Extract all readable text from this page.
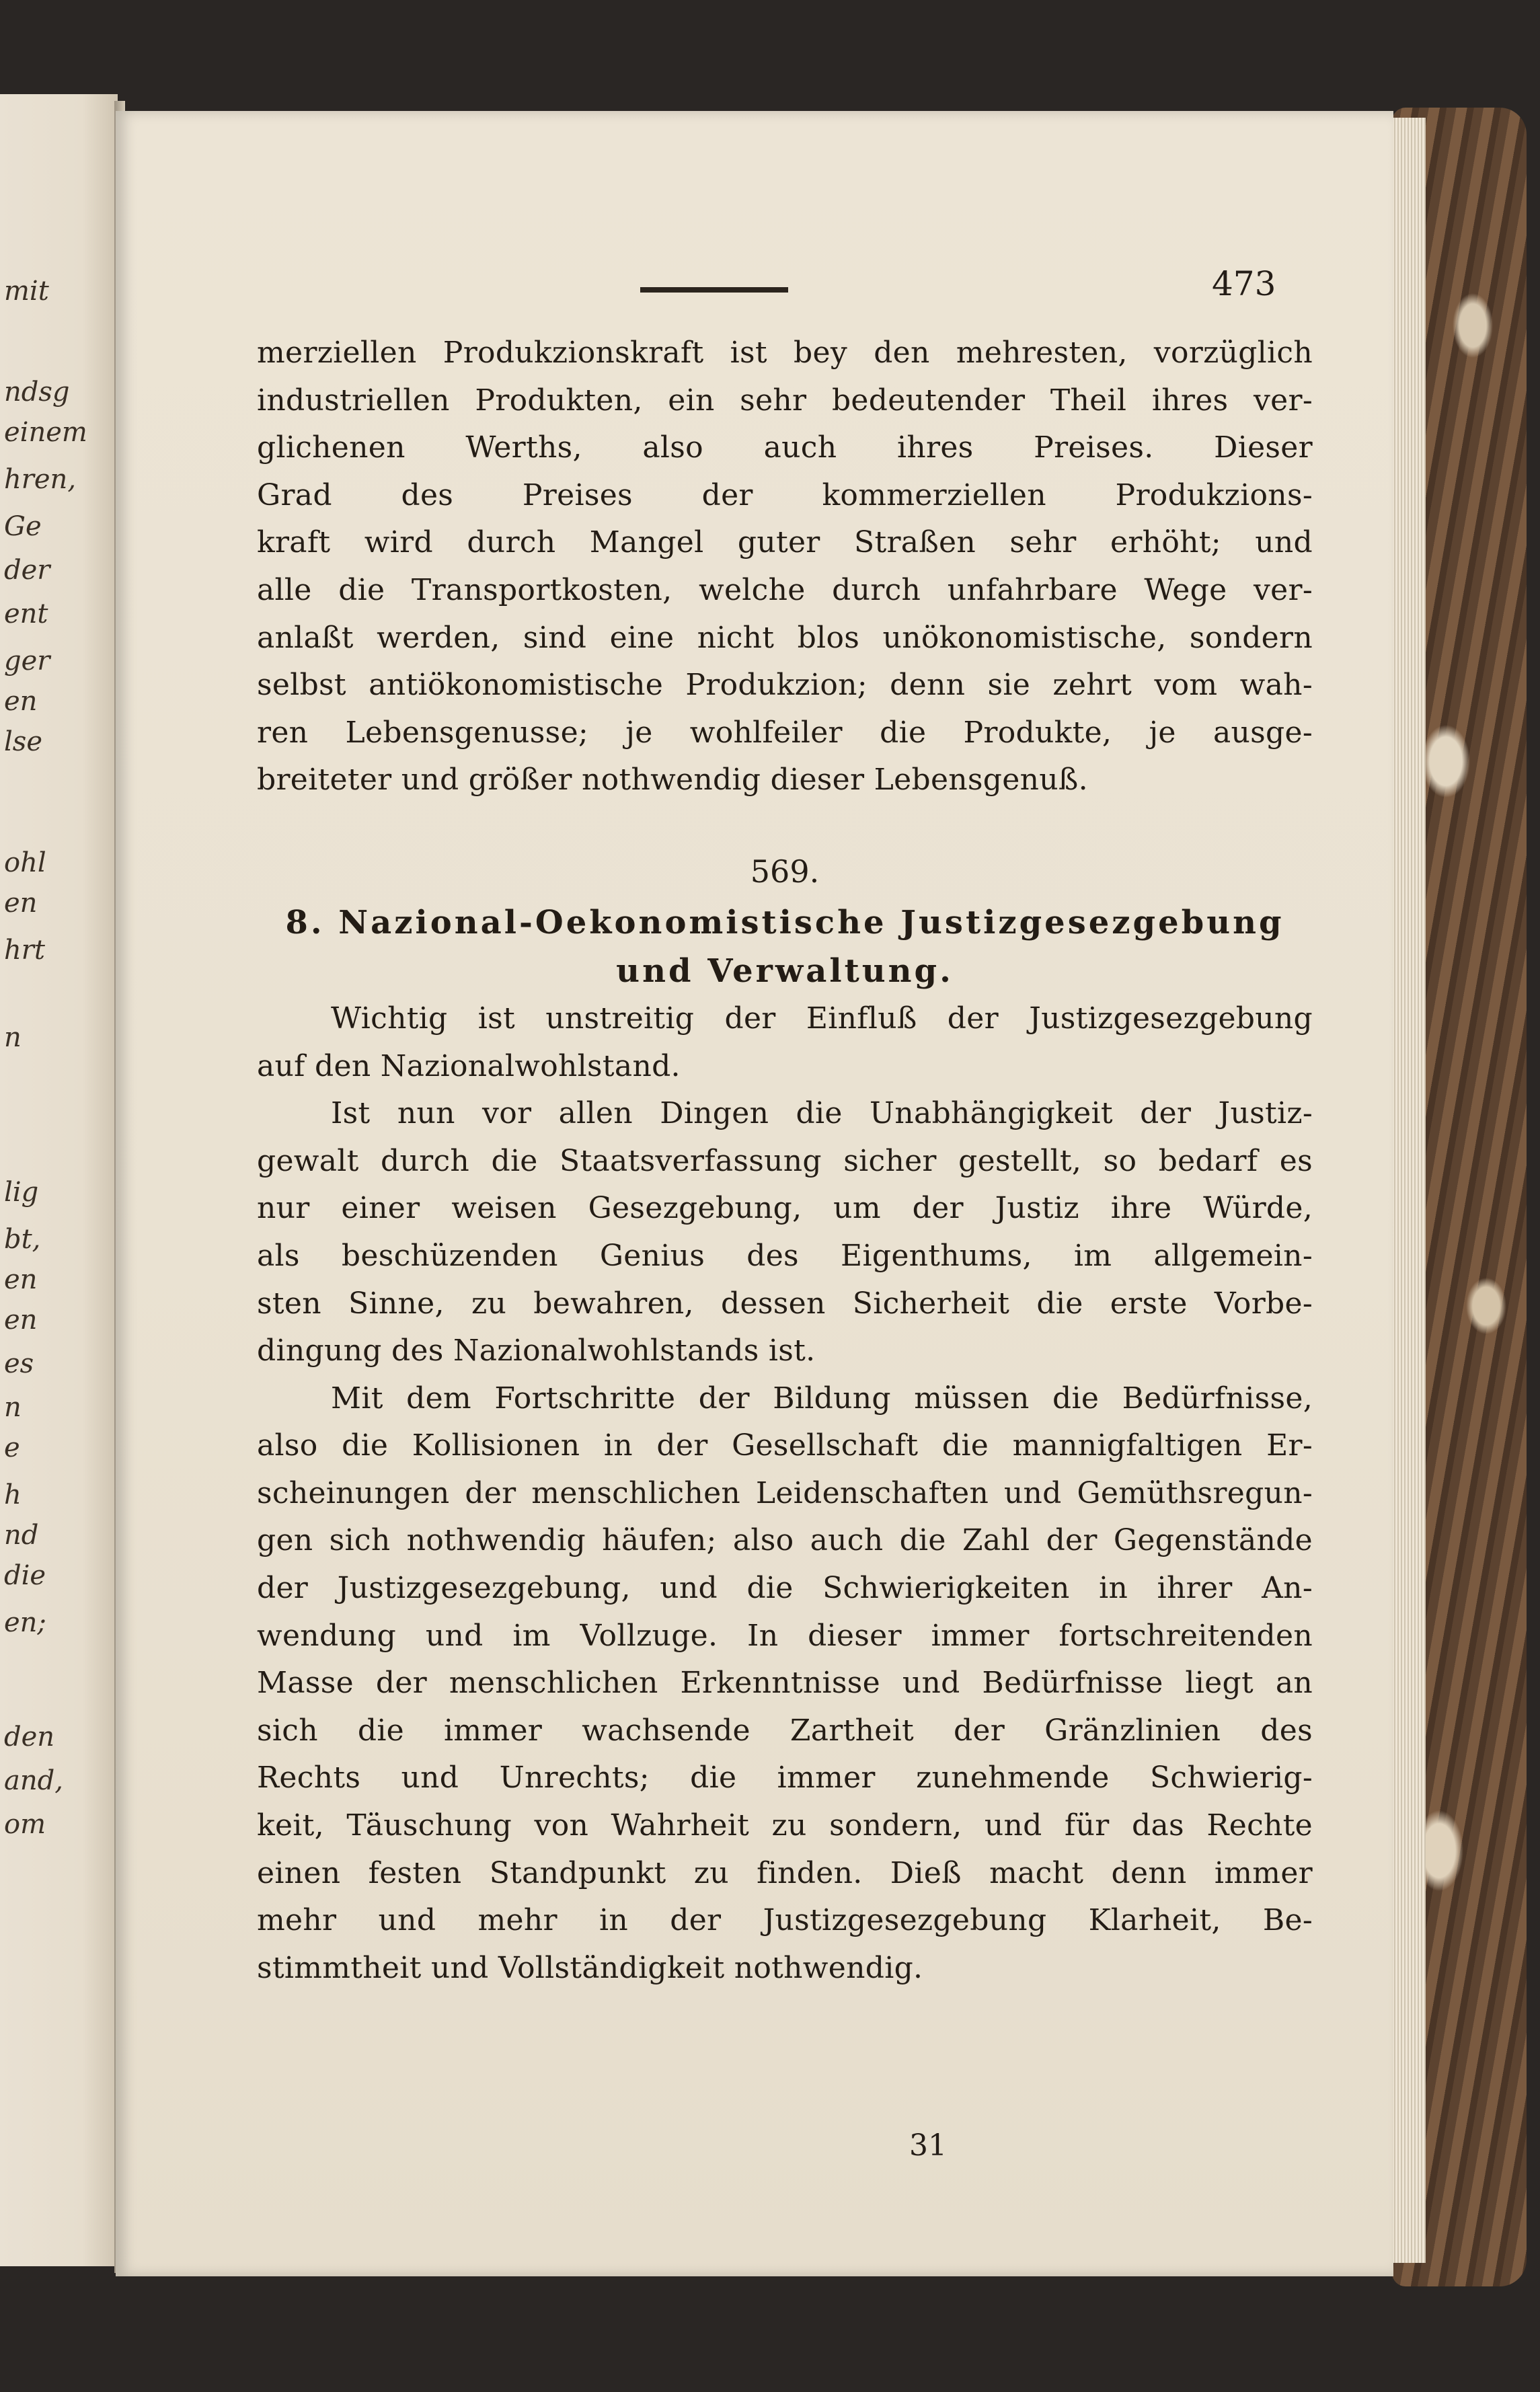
mit
ndsg
einem
hren,
Ge
der
ent
ger
en
lse
ohl
en
hrt
n
lig
bt,
en
en
es
n
e
h
nd
die
en;
den
and,
om
473
merziellen Produkzionskraft ist bey den mehresten, vorzüglich
industriellen Produkten, ein sehr bedeutender Theil ihres ver-
glichenen Werths, also auch ihres Preises. Dieser
Grad des Preises der kommerziellen Produkzions-
kraft wird durch Mangel guter Straßen sehr erhöht; und
alle die Transportkosten, welche durch unfahrbare Wege ver-
anlaßt werden, sind eine nicht blos unökonomistische, sondern
selbst antiökonomistische Produkzion; denn sie zehrt vom wah-
ren Lebensgenusse; je wohlfeiler die Produkte, je ausge-
breiteter und größer nothwendig dieser Lebensgenuß.
569.
8. Nazional-Oekonomistische Justizgesezgebung
und Verwaltung.
Wichtig ist unstreitig der Einfluß der Justizgesezgebung
auf den Nazionalwohlstand.
Ist nun vor allen Dingen die Unabhängigkeit der Justiz-
gewalt durch die Staatsverfassung sicher gestellt, so bedarf es
nur einer weisen Gesezgebung, um der Justiz ihre Würde,
als beschüzenden Genius des Eigenthums, im allgemein-
sten Sinne, zu bewahren, dessen Sicherheit die erste Vorbe-
dingung des Nazionalwohlstands ist.
Mit dem Fortschritte der Bildung müssen die Bedürfnisse,
also die Kollisionen in der Gesellschaft die mannigfaltigen Er-
scheinungen der menschlichen Leidenschaften und Gemüthsregun-
gen sich nothwendig häufen; also auch die Zahl der Gegenstände
der Justizgesezgebung, und die Schwierigkeiten in ihrer An-
wendung und im Vollzuge. In dieser immer fortschreitenden
Masse der menschlichen Erkenntnisse und Bedürfnisse liegt an
sich die immer wachsende Zartheit der Gränzlinien des
Rechts und Unrechts; die immer zunehmende Schwierig-
keit, Täuschung von Wahrheit zu sondern, und für das Rechte
einen festen Standpunkt zu finden. Dieß macht denn immer
mehr und mehr in der Justizgesezgebung Klarheit, Be-
stimmtheit und Vollständigkeit nothwendig.
31
